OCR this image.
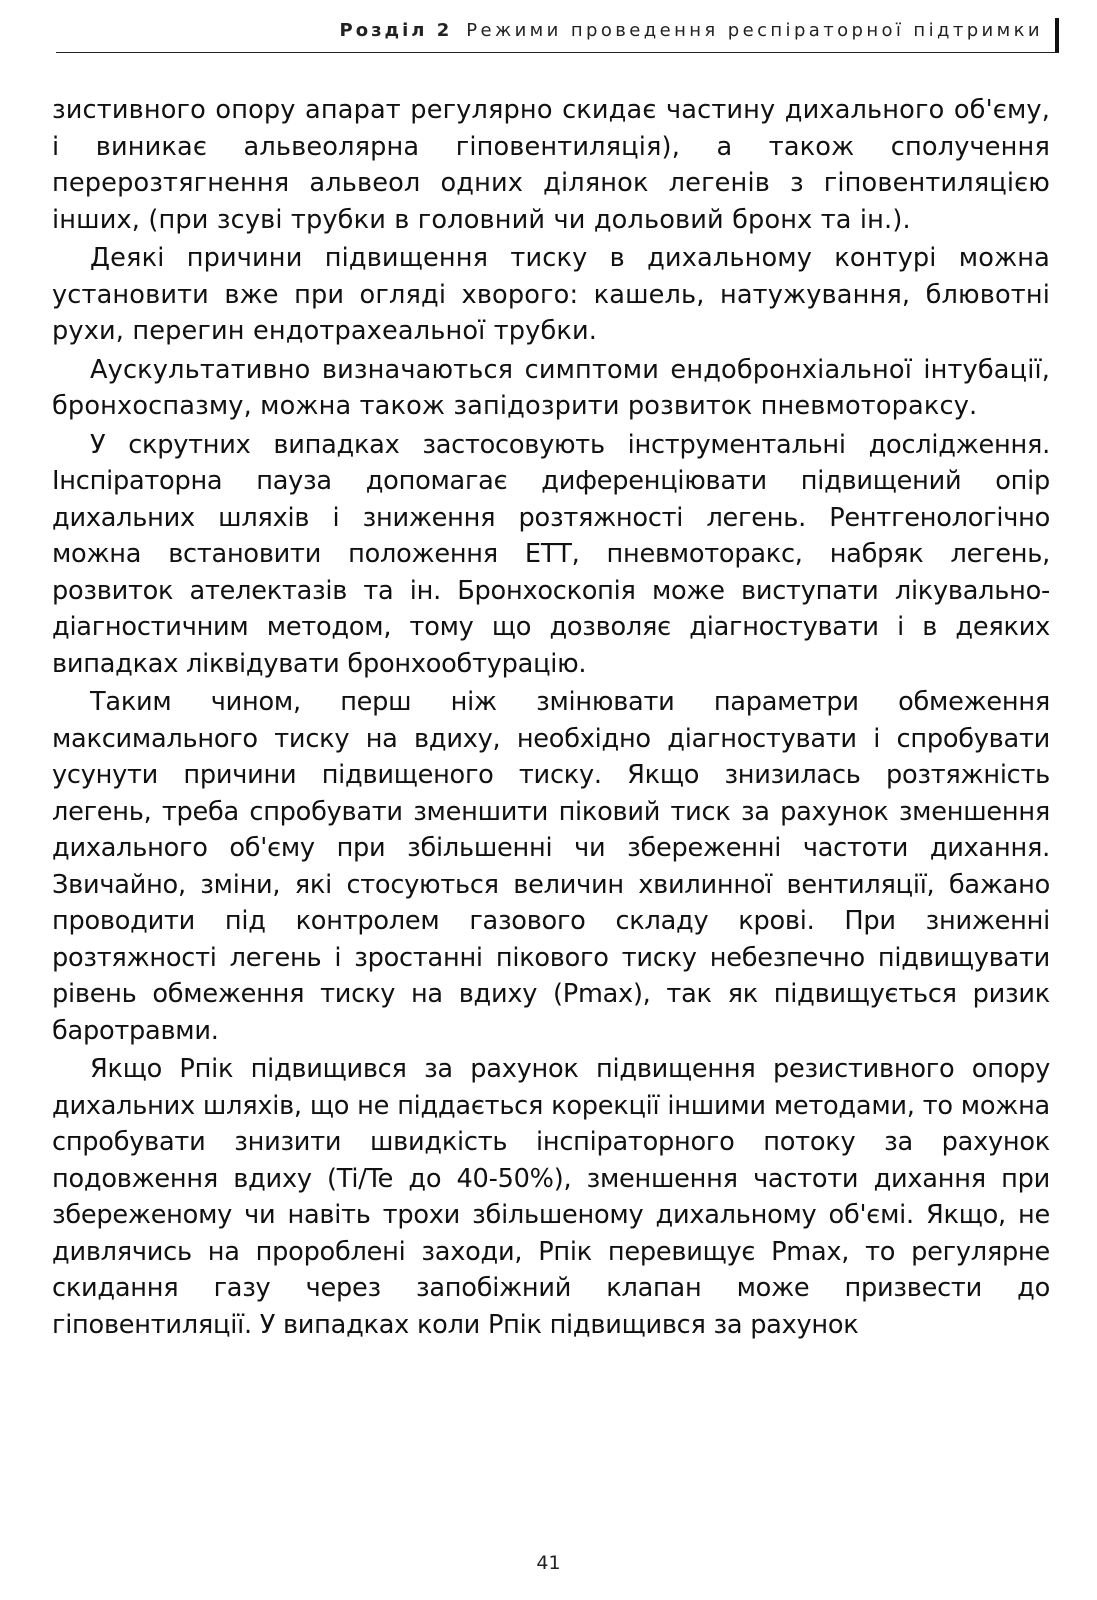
Розділ 2 Режими проведення респіраторної підтримки

зистивного опору апарат регулярно скидає частину дихального об'єму, і виникає альвеолярна гіповентиляція), а також сполучення перерозтягнення альвеол одних ділянок легенів з гіповентиляцією інших, (при зсуві трубки в головний чи дольовий бронх та ін.).

Деякі причини підвищення тиску в дихальному контурі можна установити вже при огляді хворого: кашель, натужування, блювотні рухи, перегин ендотрахеальної трубки.

Аускультативно визначаються симптоми ендобронхіальної інтубації, бронхоспазму, можна також запідозрити розвиток пневмотораксу.

У скрутних випадках застосовують інструментальні дослідження. Інспіраторна пауза допомагає диференціювати підвищений опір дихальних шляхів і зниження розтяжності легень. Рентгенологічно можна встановити положення ЕТТ, пневмоторакс, набряк легень, розвиток ателектазів та ін. Бронхоскопія може виступати лікувально-діагностичним методом, тому що дозволяє діагностувати і в деяких випадках ліквідувати бронхообтурацію.

Таким чином, перш ніж змінювати параметри обмеження максимального тиску на вдиху, необхідно діагностувати і спробувати усунути причини підвищеного тиску. Якщо знизилась розтяжність легень, треба спробувати зменшити піковий тиск за рахунок зменшення дихального об'єму при збільшенні чи збереженні частоти дихання. Звичайно, зміни, які стосуються величин хвилинної вентиляції, бажано проводити під контролем газового складу крові. При зниженні розтяжності легень і зростанні пікового тиску небезпечно підвищувати рівень обмеження тиску на вдиху (Pmax), так як підвищується ризик баротравми.

Якщо Pпік підвищився за рахунок підвищення резистивного опору дихальних шляхів, що не піддається корекції іншими методами, то можна спробувати знизити швидкість інспіраторного потоку за рахунок подовження вдиху (Ti/Te до 40-50%), зменшення частоти дихання при збереженому чи навіть трохи збільшеному дихальному об'ємі. Якщо, не дивлячись на пророблені заходи, Pпік перевищує Pmax, то регулярне скидання газу через запобіжний клапан може призвести до гіповентиляції. У випадках коли Pпік підвищився за рахунок

41
